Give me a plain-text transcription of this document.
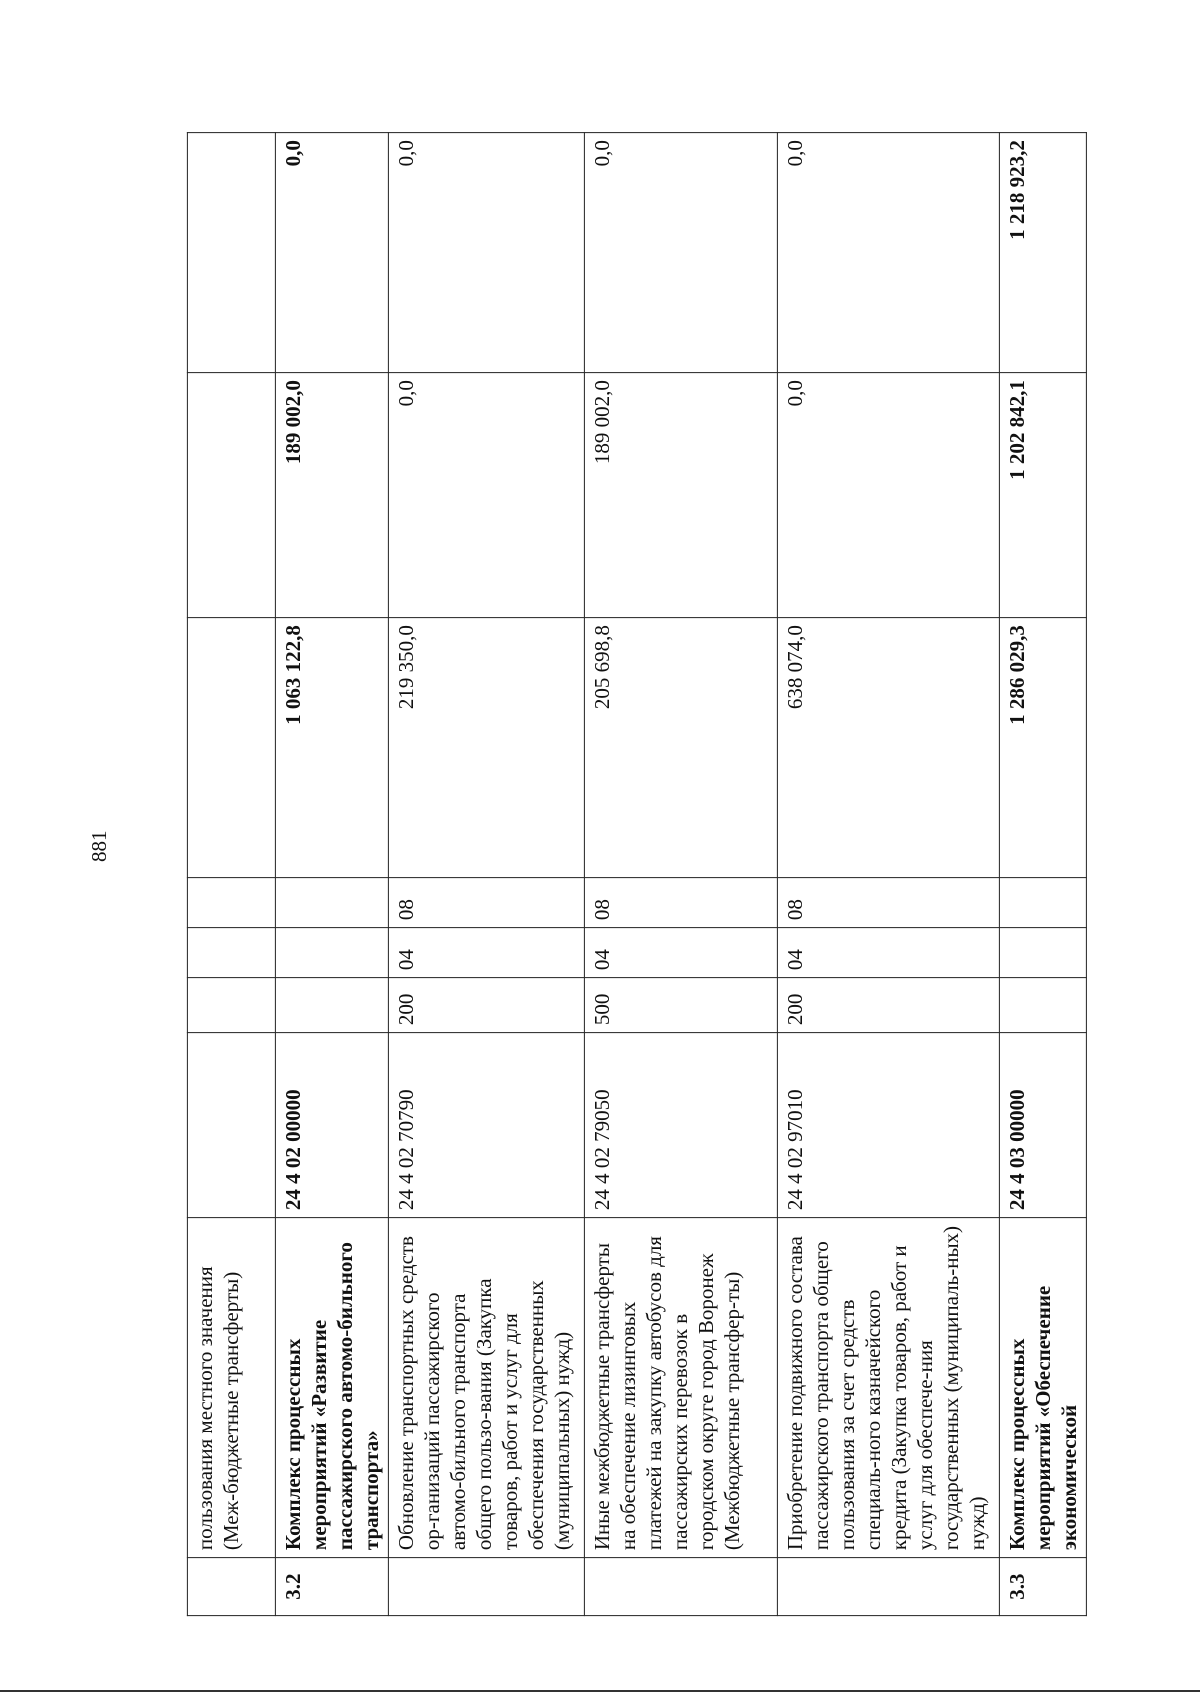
881
	пользования местного значения (Меж-бюджетные трансферты)							
3.2	Комплекс процессных мероприятий «Развитие пассажирского автомо-бильного транспорта»	24 4 02 00000				1 063 122,8	189 002,0	0,0
	Обновление транспортных средств ор-ганизаций пассажирского автомо-бильного транспорта общего пользо-вания (Закупка товаров, работ и услуг для обеспечения государственных (муниципальных) нужд)	24 4 02 70790	200	04	08	219 350,0	0,0	0,0
	Иные межбюджетные трансферты на обеспечение лизинговых платежей на закупку автобусов для пассажирских перевозок в городском округе город Воронеж (Межбюджетные трансфер-ты)	24 4 02 79050	500	04	08	205 698,8	189 002,0	0,0
	Приобретение подвижного состава пассажирского транспорта общего пользования за счет средств специаль-ного казначейского кредита (Закупка товаров, работ и услуг для обеспече-ния государственных (муниципаль-ных) нужд)	24 4 02 97010	200	04	08	638 074,0	0,0	0,0
3.3	Комплекс процессных мероприятий «Обеспечение экономической	24 4 03 00000				1 286 029,3	1 202 842,1	1 218 923,2
